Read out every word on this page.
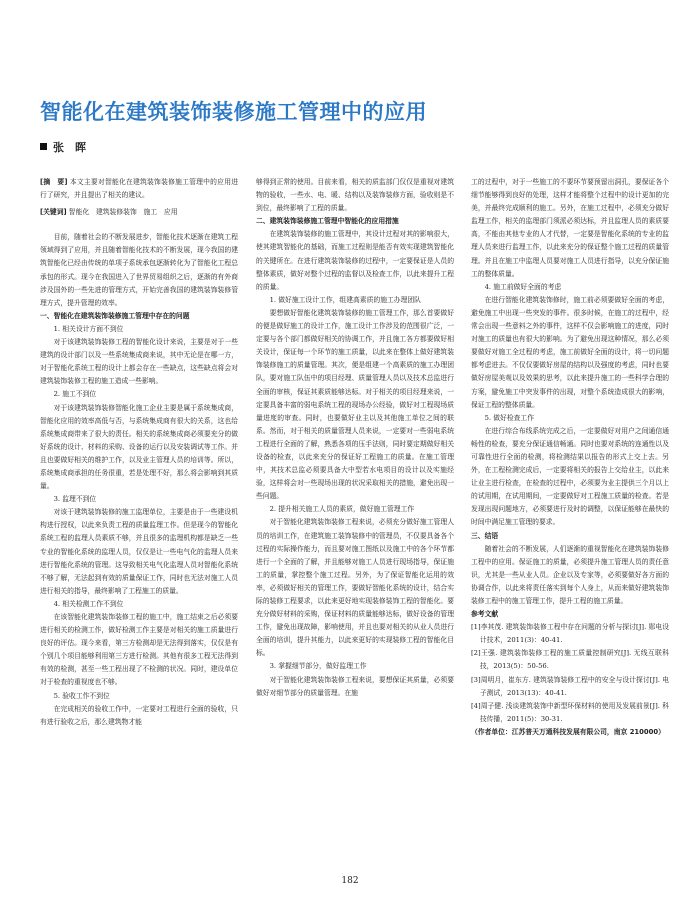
智能化在建筑装饰装修施工管理中的应用
张　晖

[摘　要] 本文主要对智能化在建筑装饰装修施工管理中的应用进行了研究，并且提出了相关的建议。

[关键词] 智能化　建筑装修装饰　施工　应用

目前，随着社会的不断发展进步，智能化技术逐渐在建筑工程领域得到了应用，并且随着智能化技术的不断发展，现今我国的建筑智能化已经由传统的单项子系统承包逐渐转化为了智能化工程总承包的形式。现今在我国进入了世界贸易组织之后，逐渐的有外商涉及国外的一些先进的管理方式，开始完善我国的建筑装饰装修管理方式，提升管理的效率。

一、智能化在建筑装饰装修施工管理中存在的问题

1. 相关设计方面不到位

对于该建筑装饰装修工程的智能化设计来说，主要是对于一些建筑的设计部门以及一些系统集成商来说，其中无论是在哪一方，对于智能化系统工程的设计上都会存在一些缺点，这些缺点将会对建筑装饰装修工程的施工造成一些影响。

2. 施工不到位

对于该建筑装饰装修智能化施工企业主要是属于系统集成商，智能化应用的效率高低与否，与系统集成商有很大的关系，这也给系统集成商带来了很大的责任。相关的系统集成商必须要充分的做好系统的设计、材料的采购、设备的运行以及安装调试等工作。并且也要做好相关的维护工作，以及业主管理人员的培训等。所以，系统集成商承担的任务很重，若是处理不好，那么将会影响到其质量。

3. 监理不到位

对该于建筑装饰装修的施工监理单位，主要是由于一些建设机构进行授权，以此来负责工程的质量监理工作。但是现今的智能化系统工程的监理人员素质不够，并且很多的监理机构都是缺乏一些专业的智能化系统的监理人员，仅仅是让一些电气化的监理人员来进行智能化系统的管理。这导致相关电气化监理人员对智能化系统不够了解，无法起到有效的质量保证工作，同时也无法对施工人员进行相关的指导，最终影响了工程施工的质量。

4. 相关检测工作不到位

在该智能化建筑装饰装修工程的施工中，施工结束之后必须要进行相关的检测工作，做好检测工作主要是对相关的施工质量进行良好的评估。现今来看，第三方检测却是无法得到落实，仅仅是有个别几个项目能够利用第三方进行检测。其他有很多工程无法得到有效的检测，甚至一些工程出现了不检测的状况。同时，建设单位对于检查的重视度也不够。

5. 验收工作不到位

在完成相关的验收工作中，一定要对工程进行全面的验收，只有进行验收之后，那么建筑物才能

够得到正常的使用。目前来看，相关的质监部门仅仅是重视对建筑物的验收，一些水、电、暖、结构以及装饰装修方面，验收则是不到位，最终影响了工程的质量。

二、建筑装饰装修施工管理中智能化的应用措施

在建筑装饰装修的施工管理中，其设计过程对其的影响很大，使其建筑智能化的基础，而施工过程则是能否有效实现建筑智能化的关键所在。在进行建筑装饰装修的过程中，一定要保证是人员的整体素质，做好对整个过程的监督以及检查工作，以此来提升工程的质量。

1. 做好施工设计工作，组建高素质的施工办理团队

要想做好智能化建筑装饰装修的施工管理工作，那么首要做好的便是做好施工的设计工作，施工设计工作涉及的范围很广泛，一定要与各个部门都做好相关的协调工作，并且施工各方都要做好相关设计，保证每一个环节的施工质量，以此来在整体上做好建筑装饰装修施工的质量管理。其次，便是组建一个高素质的施工办理团队，要对施工队伍中的项目经理、质量管理人员以及技术总监进行全面的审核，保证其素质能够达标。对于相关的项目经理来说，一定要具备丰富的弱电系统工程的现场办公经验，做好对工程现场质量进度的审查。同时，也要做好业主以及其他施工单位之间的联系。然而，对于相关的质量管理人员来说，一定要对一些弱电系统工程进行全面的了解，熟悉各项的压手法则，同时要定期做好相关设备的检查，以此来充分的保证好工程施工的质量。在施工管理中，其技术总监必须要具备大中型若水电项目的设计以及实施经验，这样将会对一些现场出现的状况采取相关的措施，避免出现一些问题。

2. 提升相关施工人员的素质，做好施工管理工作

对于智能化建筑装饰装修工程来说，必须充分做好施工管理人员的培训工作，在建筑施工装饰装修中的管理员，不仅要具备各个过程的实际操作能力，而且要对施工图纸以及施工中的各个环节都进行一个全面的了解，并且能够对施工人员进行现场指导，保证施工的质量，掌控整个施工过程。另外，为了保证智能化运用的效率，必须做好相关的管理工作，要做好智能化系统的设计，结合实际的装修工程要求，以此来更好地实现装修装饰工程的智能化。要充分做好材料的采购，保证材料的质量能够达标，做好设备的管理工作，避免出现故障，影响使用，并且也要对相关的从业人员进行全面的培训，提升其能力，以此来更好的实现装修工程的智能化目标。

3. 掌握细节部分，做好监理工作

对于智能化建筑装饰装修工程来说，要想保证其质量，必须要做好对细节部分的质量管理。在施

工的过程中，对于一些施工的不要环节要预留出洞孔，要保证各个细节能够得到良好的处理，这样才能将整个过程中的设计更加的完美，并最终完成顺利的施工。另外，在施工过程中，必须充分做好监理工作，相关的监理部门须派必须达标，并且监理人员的素质要高，不能由其他专业的人才代替，一定要是智能化系统的专业的监理人员来进行监理工作，以此来充分的保证整个施工过程的质量管理。并且在施工中监理人员要对施工人员进行指导，以充分保证施工的整体质量。

4. 施工前做好全面的考虑

在进行智能化建筑装饰修时，施工前必须要做好全面的考虑，避免施工中出现一些突发的事件。很多时候，在施工的过程中，经常会出现一些意料之外的事件，这样不仅会影响施工的进度，同时对施工的质量也有很大的影响。为了避免出现这种情况，那么必须要做好对施工全过程的考虑，施工前做好全面的设计，将一切问题都考虑进去。不仅仅要做好房屋的结构以及强度的考虑，同时也要做好房屋美观以及效果的思考，以此来提升施工的一些科学合理的方案，避免施工中突发事件的出现，对整个系统造成很大的影响，保证工程的整体质量。

5. 做好检查工作

在进行综合布线系统完成之后，一定要做好对用户之间通信通畅性的检查，要充分保证通信畅通。同时也要对系统的连通性以及可靠性进行全面的检测，将检测结果以报告的形式上交上去。另外，在工程检测完成后，一定要将相关的报告上交给业主，以此来让业主进行检查，在检查的过程中，必须要为业主提供三个月以上的试用期，在试用期间，一定要做好对工程施工质量的检查。若是发现出现问题地方，必须要进行及时的调整，以保证能够在最快的时间中满足施工管理的要求。

三、结语

随着社会的不断发展，人们逐渐的重视智能化在建筑装饰装修工程中的应用。保证施工的质量，必须提升施工管理人员的责任意识，尤其是一些从业人员。企业以及专家等，必须要做好各方面的协调合作，以此来将责任落实到每个人身上，从而来做好建筑装饰装修工程中的施工管理工作，提升工程的施工质量。

参考文献

[1]李其茂. 建筑装饰装修工程中存在问题的分析与探讨[J]. 郧电设计技术，2011(3)：40-41.

[2]王强. 建筑装饰装修工程的施工质量控制研究[J]. 无线互联科技，2013(5)：50-56.

[3]周明月，崔东方. 建筑装饰装修工程中的安全与设计探讨[J]. 电子测试，2013(13)：40-41.

[4]周子健. 浅谈建筑装饰中新型环保材料的使用及发展前景[J]. 科技传播，2011(5)：30-31.

（作者单位：江苏普天万通科技发展有限公司，南京 210000）

182
